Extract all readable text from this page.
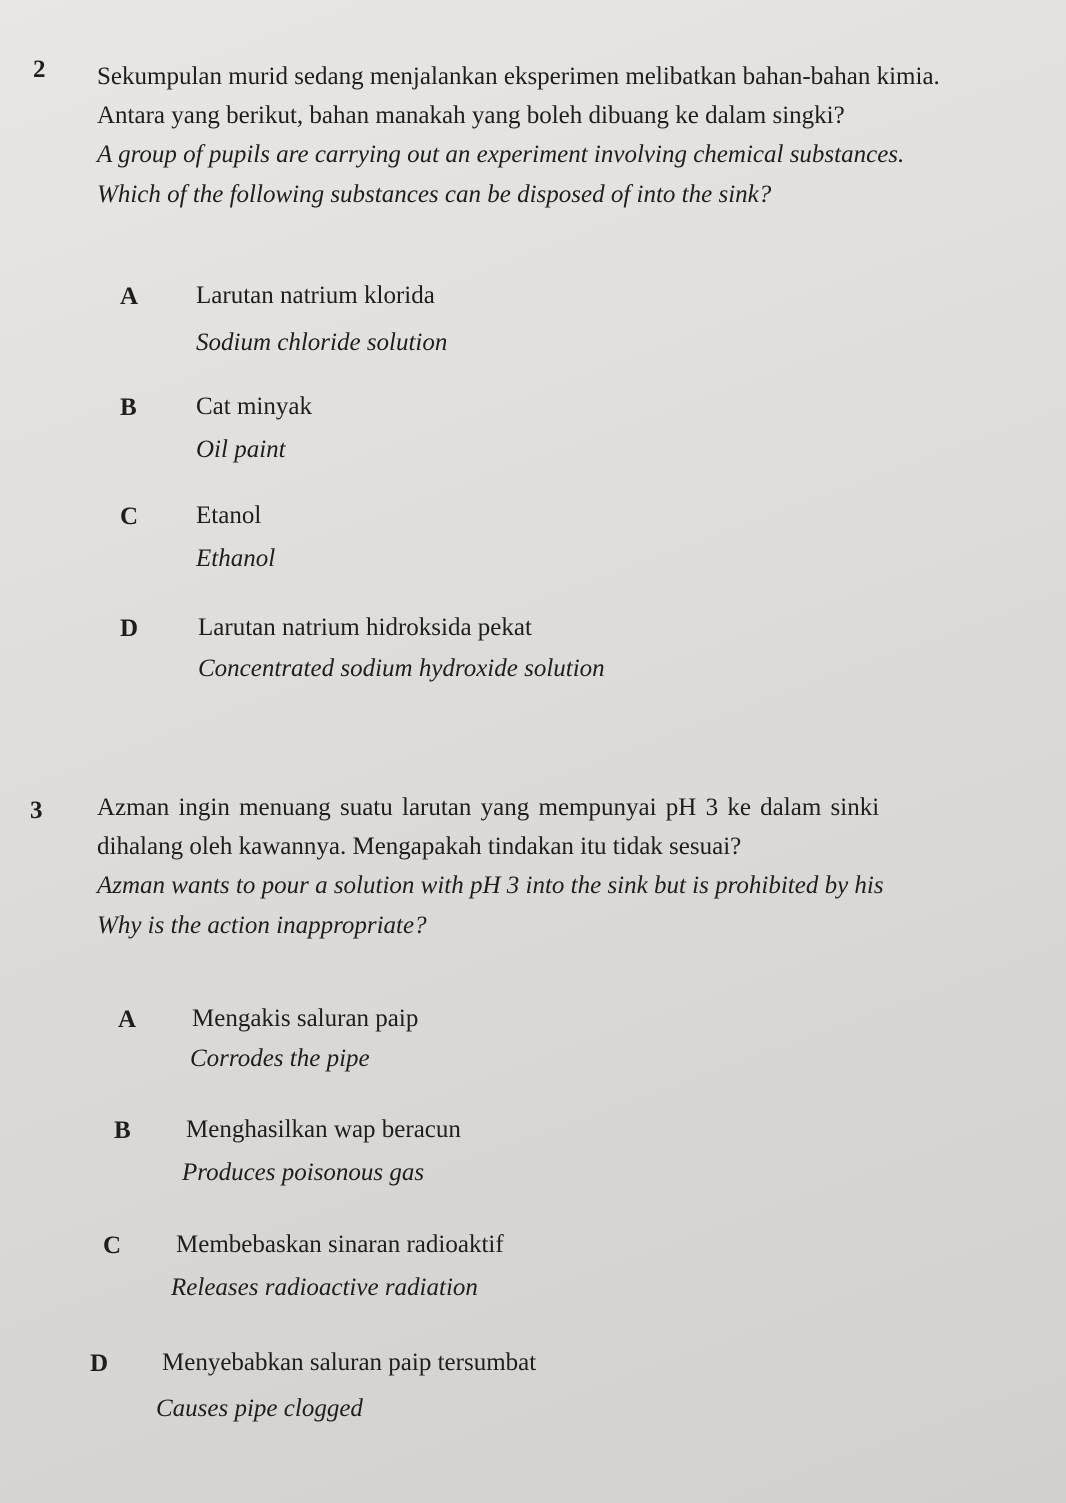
2 Sekumpulan murid sedang menjalankan eksperimen melibatkan bahan-bahan kimia.
Antara yang berikut, bahan manakah yang boleh dibuang ke dalam singki?
A group of pupils are carrying out an experiment involving chemical substances.
Which of the following substances can be disposed of into the sink?
A Larutan natrium klorida
Sodium chloride solution
B Cat minyak
Oil paint
C Etanol
Ethanol
D Larutan natrium hidroksida pekat
Concentrated sodium hydroxide solution
3 Azman ingin menuang suatu larutan yang mempunyai pH 3 ke dalam sinki
dihalang oleh kawannya. Mengapakah tindakan itu tidak sesuai?
Azman wants to pour a solution with pH 3 into the sink but is prohibited by his
Why is the action inappropriate?
A Mengakis saluran paip
Corrodes the pipe
B Menghasilkan wap beracun
Produces poisonous gas
C Membebaskan sinaran radioaktif
Releases radioactive radiation
D Menyebabkan saluran paip tersumbat
Causes pipe clogged
